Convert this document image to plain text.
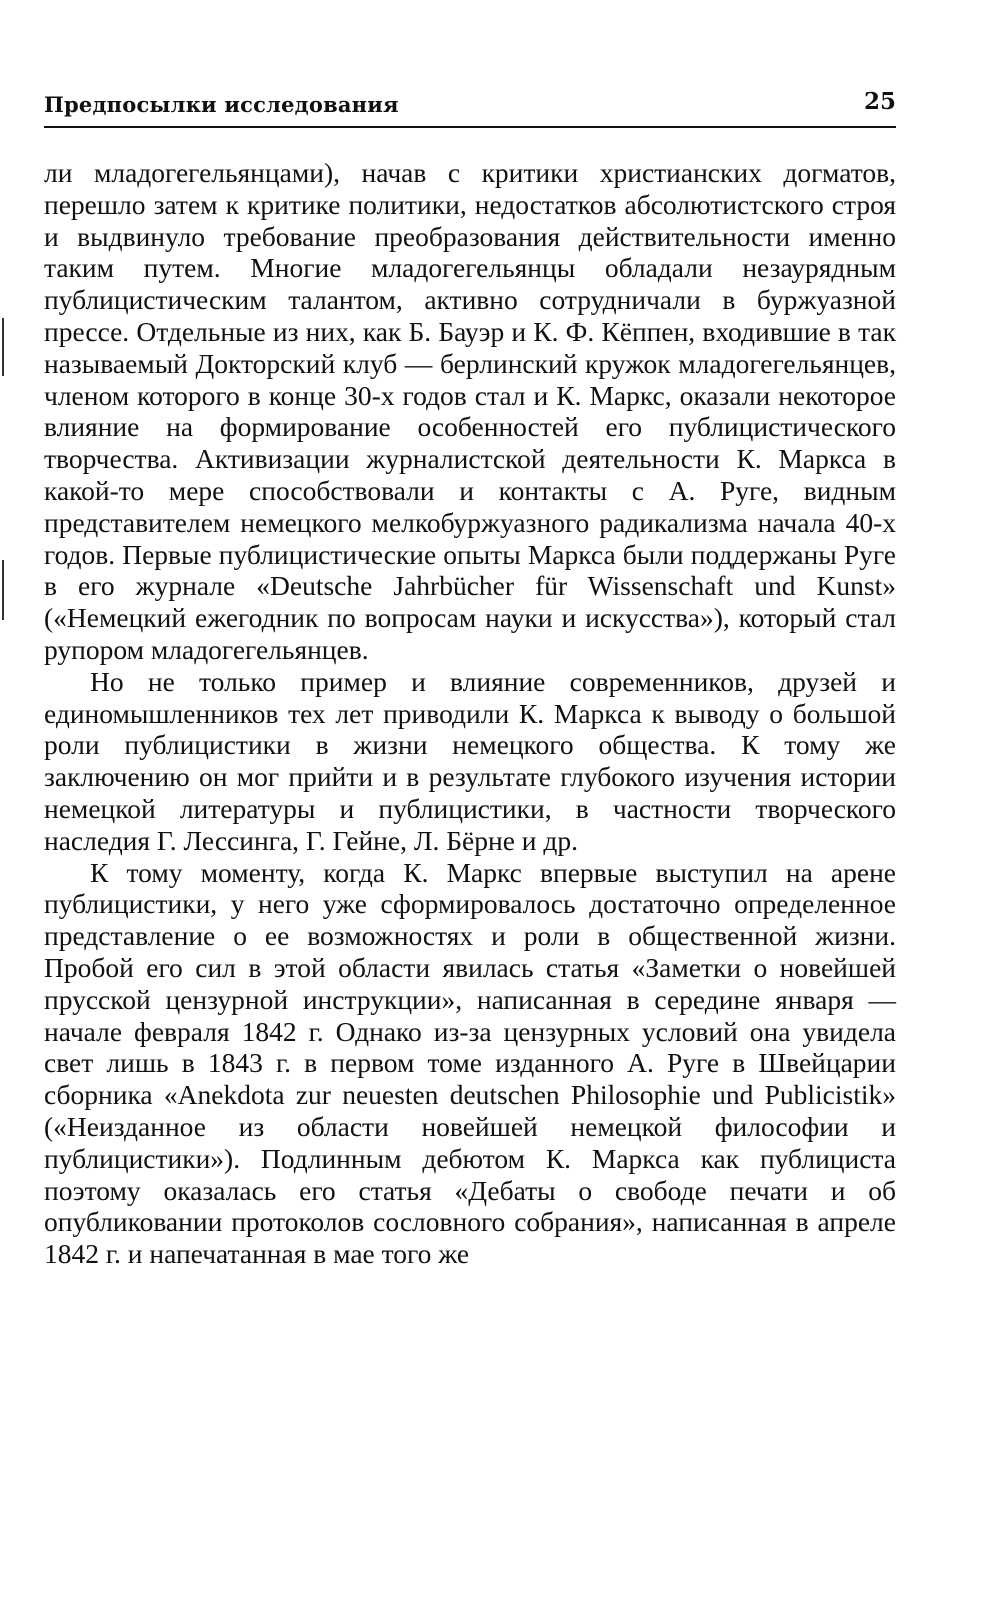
Предпосылки исследования	25

ли младогегельянцами), начав с критики христианских догматов, перешло затем к критике политики, недостатков абсолютистского строя и выдвинуло требование преобразования действительности именно таким путем. Многие младогегельянцы обладали незаурядным публицистическим талантом, активно сотрудничали в буржуазной прессе. Отдельные из них, как Б. Бауэр и К. Ф. Кёппен, входившие в так называемый Докторский клуб — берлинский кружок младогегельянцев, членом которого в конце 30-х годов стал и К. Маркс, оказали некоторое влияние на формирование особенностей его публицистического творчества. Активизации журналистской деятельности К. Маркса в какой-то мере способствовали и контакты с А. Руге, видным представителем немецкого мелкобуржуазного радикализма начала 40-х годов. Первые публицистические опыты Маркса были поддержаны Руге в его журнале «Deutsche Jahrbücher für Wissenschaft und Kunst» («Немецкий ежегодник по вопросам науки и искусства»), который стал рупором младогегельянцев.

Но не только пример и влияние современников, друзей и единомышленников тех лет приводили К. Маркса к выводу о большой роли публицистики в жизни немецкого общества. К тому же заключению он мог прийти и в результате глубокого изучения истории немецкой литературы и публицистики, в частности творческого наследия Г. Лессинга, Г. Гейне, Л. Бёрне и др.

К тому моменту, когда К. Маркс впервые выступил на арене публицистики, у него уже сформировалось достаточно определенное представление о ее возможностях и роли в общественной жизни. Пробой его сил в этой области явилась статья «Заметки о новейшей прусской цензурной инструкции», написанная в середине января — начале февраля 1842 г. Однако из-за цензурных условий она увидела свет лишь в 1843 г. в первом томе изданного А. Руге в Швейцарии сборника «Anekdota zur neuesten deutschen Philosophie und Publicistik» («Неизданное из области новейшей немецкой философии и публицистики»). Подлинным дебютом К. Маркса как публициста поэтому оказалась его статья «Дебаты о свободе печати и об опубликовании протоколов сословного собрания», написанная в апреле 1842 г. и напечатанная в мае того же
